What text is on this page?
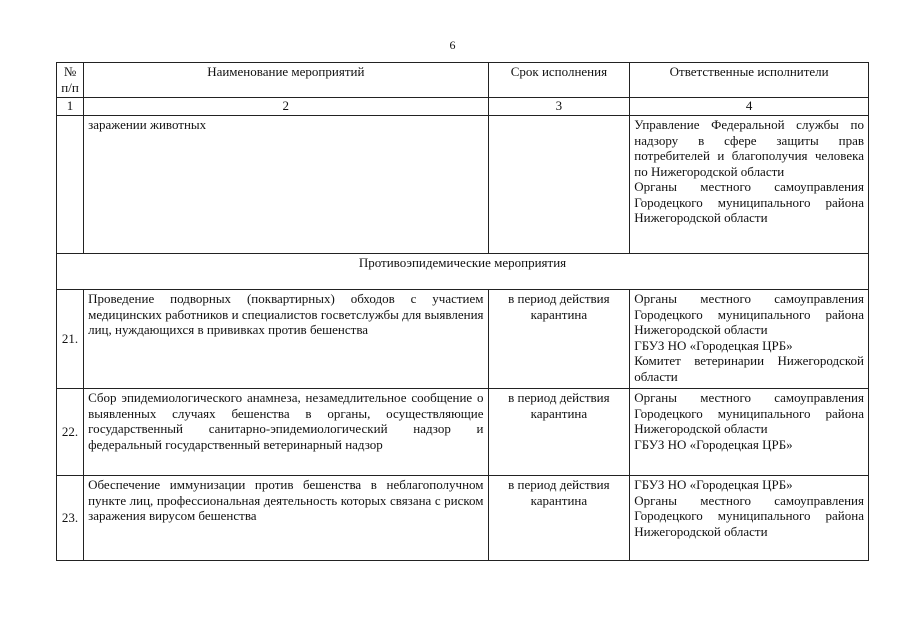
6
№ п/п	Наименование мероприятий	Срок исполнения	Ответственные исполнители
1	2	3	4
	заражении животных		Управление Федеральной службы по надзору в сфере защиты прав потребителей и благополучия человека по Нижегородской области
Органы местного самоуправления Городецкого муниципального района Нижегородской области

Противоэпидемические мероприятия			
21.	Проведение подворных (поквартирных) обходов с участием медицинских работников и специалистов госветслужбы для выявления лиц, нуждающихся в прививках против бешенства	в период действия карантина	Органы местного самоуправления Городецкого муниципального района Нижегородской области
ГБУЗ НО «Городецкая ЦРБ»
Комитет ветеринарии Нижегородской области

22.	Сбор эпидемиологического анамнеза, незамедлительное сообщение о выявленных случаях бешенства в органы, осуществляющие государственный санитарно-эпидемиологический надзор и федеральный государственный ветеринарный надзор	в период действия карантина	Органы местного самоуправления Городецкого муниципального района Нижегородской области
ГБУЗ НО «Городецкая ЦРБ»

23.	Обеспечение иммунизации против бешенства в неблагополучном пункте лиц, профессиональная деятельность которых связана с риском заражения вирусом бешенства	в период действия карантина	ГБУЗ НО «Городецкая ЦРБ»
Органы местного самоуправления Городецкого муниципального района Нижегородской области
